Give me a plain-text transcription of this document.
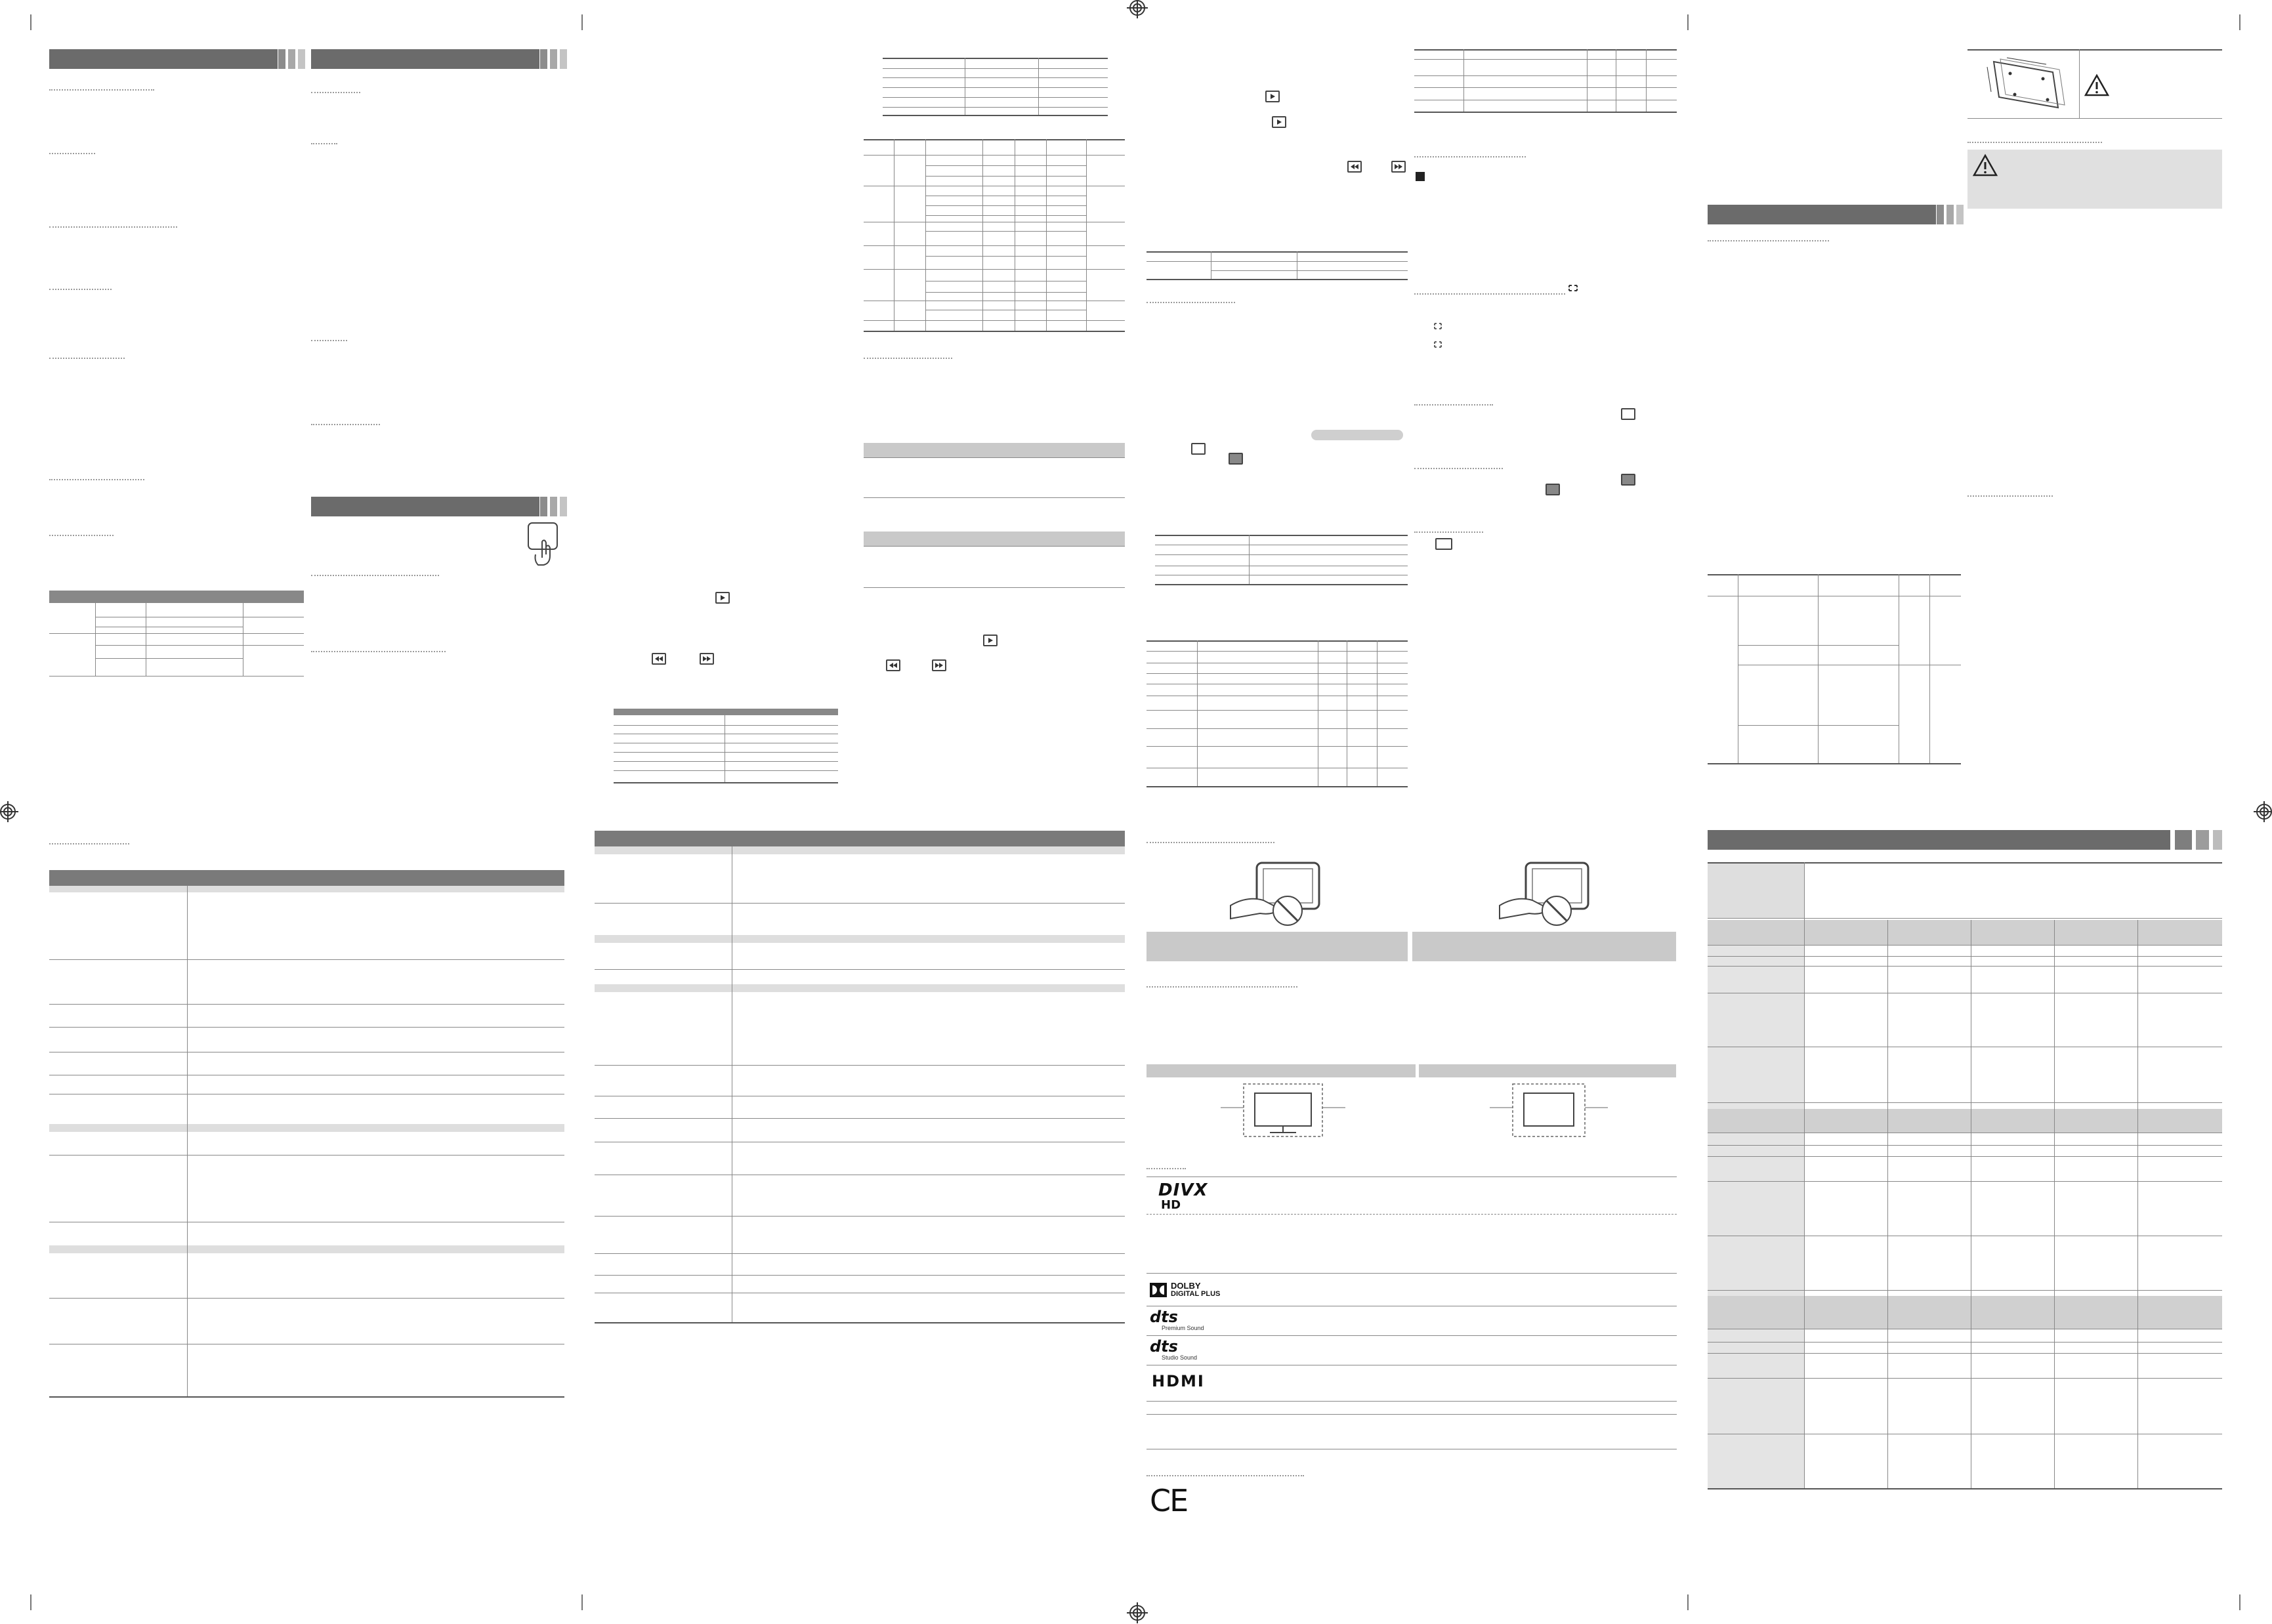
DIVX
HD
DOLBY
DIGITAL PLUS
dts
Premium Sound
dts
Studio Sound
HDMI
CE
